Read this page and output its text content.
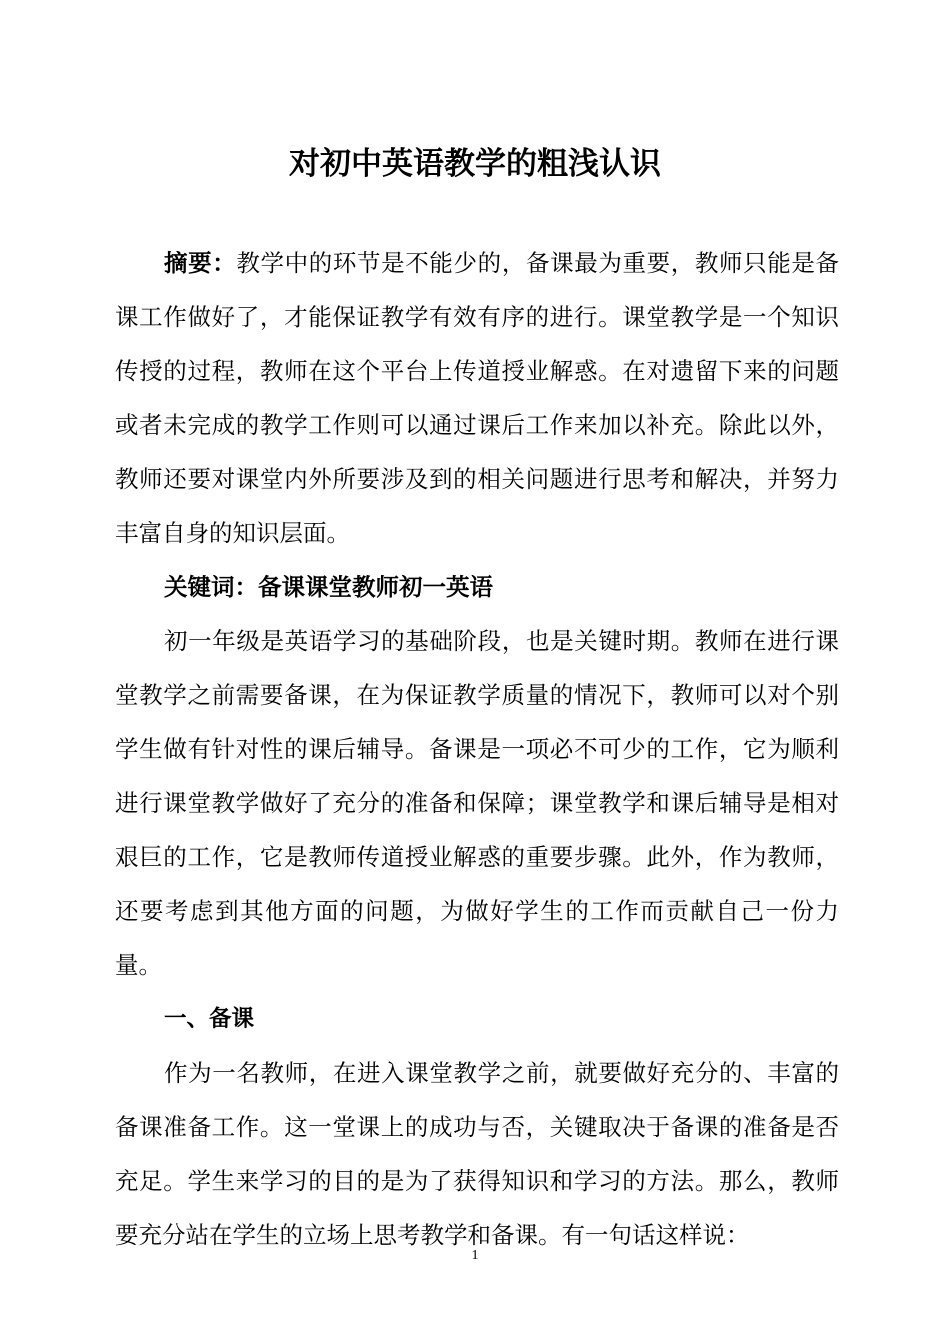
对初中英语教学的粗浅认识

摘要：教学中的环节是不能少的，备课最为重要，教师只能是备课工作做好了，才能保证教学有效有序的进行。课堂教学是一个知识传授的过程，教师在这个平台上传道授业解惑。在对遗留下来的问题或者未完成的教学工作则可以通过课后工作来加以补充。除此以外，教师还要对课堂内外所要涉及到的相关问题进行思考和解决，并努力丰富自身的知识层面。

关键词：备课课堂教师初一英语

初一年级是英语学习的基础阶段，也是关键时期。教师在进行课堂教学之前需要备课，在为保证教学质量的情况下，教师可以对个别学生做有针对性的课后辅导。备课是一项必不可少的工作，它为顺利进行课堂教学做好了充分的准备和保障；课堂教学和课后辅导是相对艰巨的工作，它是教师传道授业解惑的重要步骤。此外，作为教师，还要考虑到其他方面的问题，为做好学生的工作而贡献自己一份力量。

一、备课

作为一名教师，在进入课堂教学之前，就要做好充分的、丰富的备课准备工作。这一堂课上的成功与否，关键取决于备课的准备是否充足。学生来学习的目的是为了获得知识和学习的方法。那么，教师要充分站在学生的立场上思考教学和备课。有一句话这样说：

1
